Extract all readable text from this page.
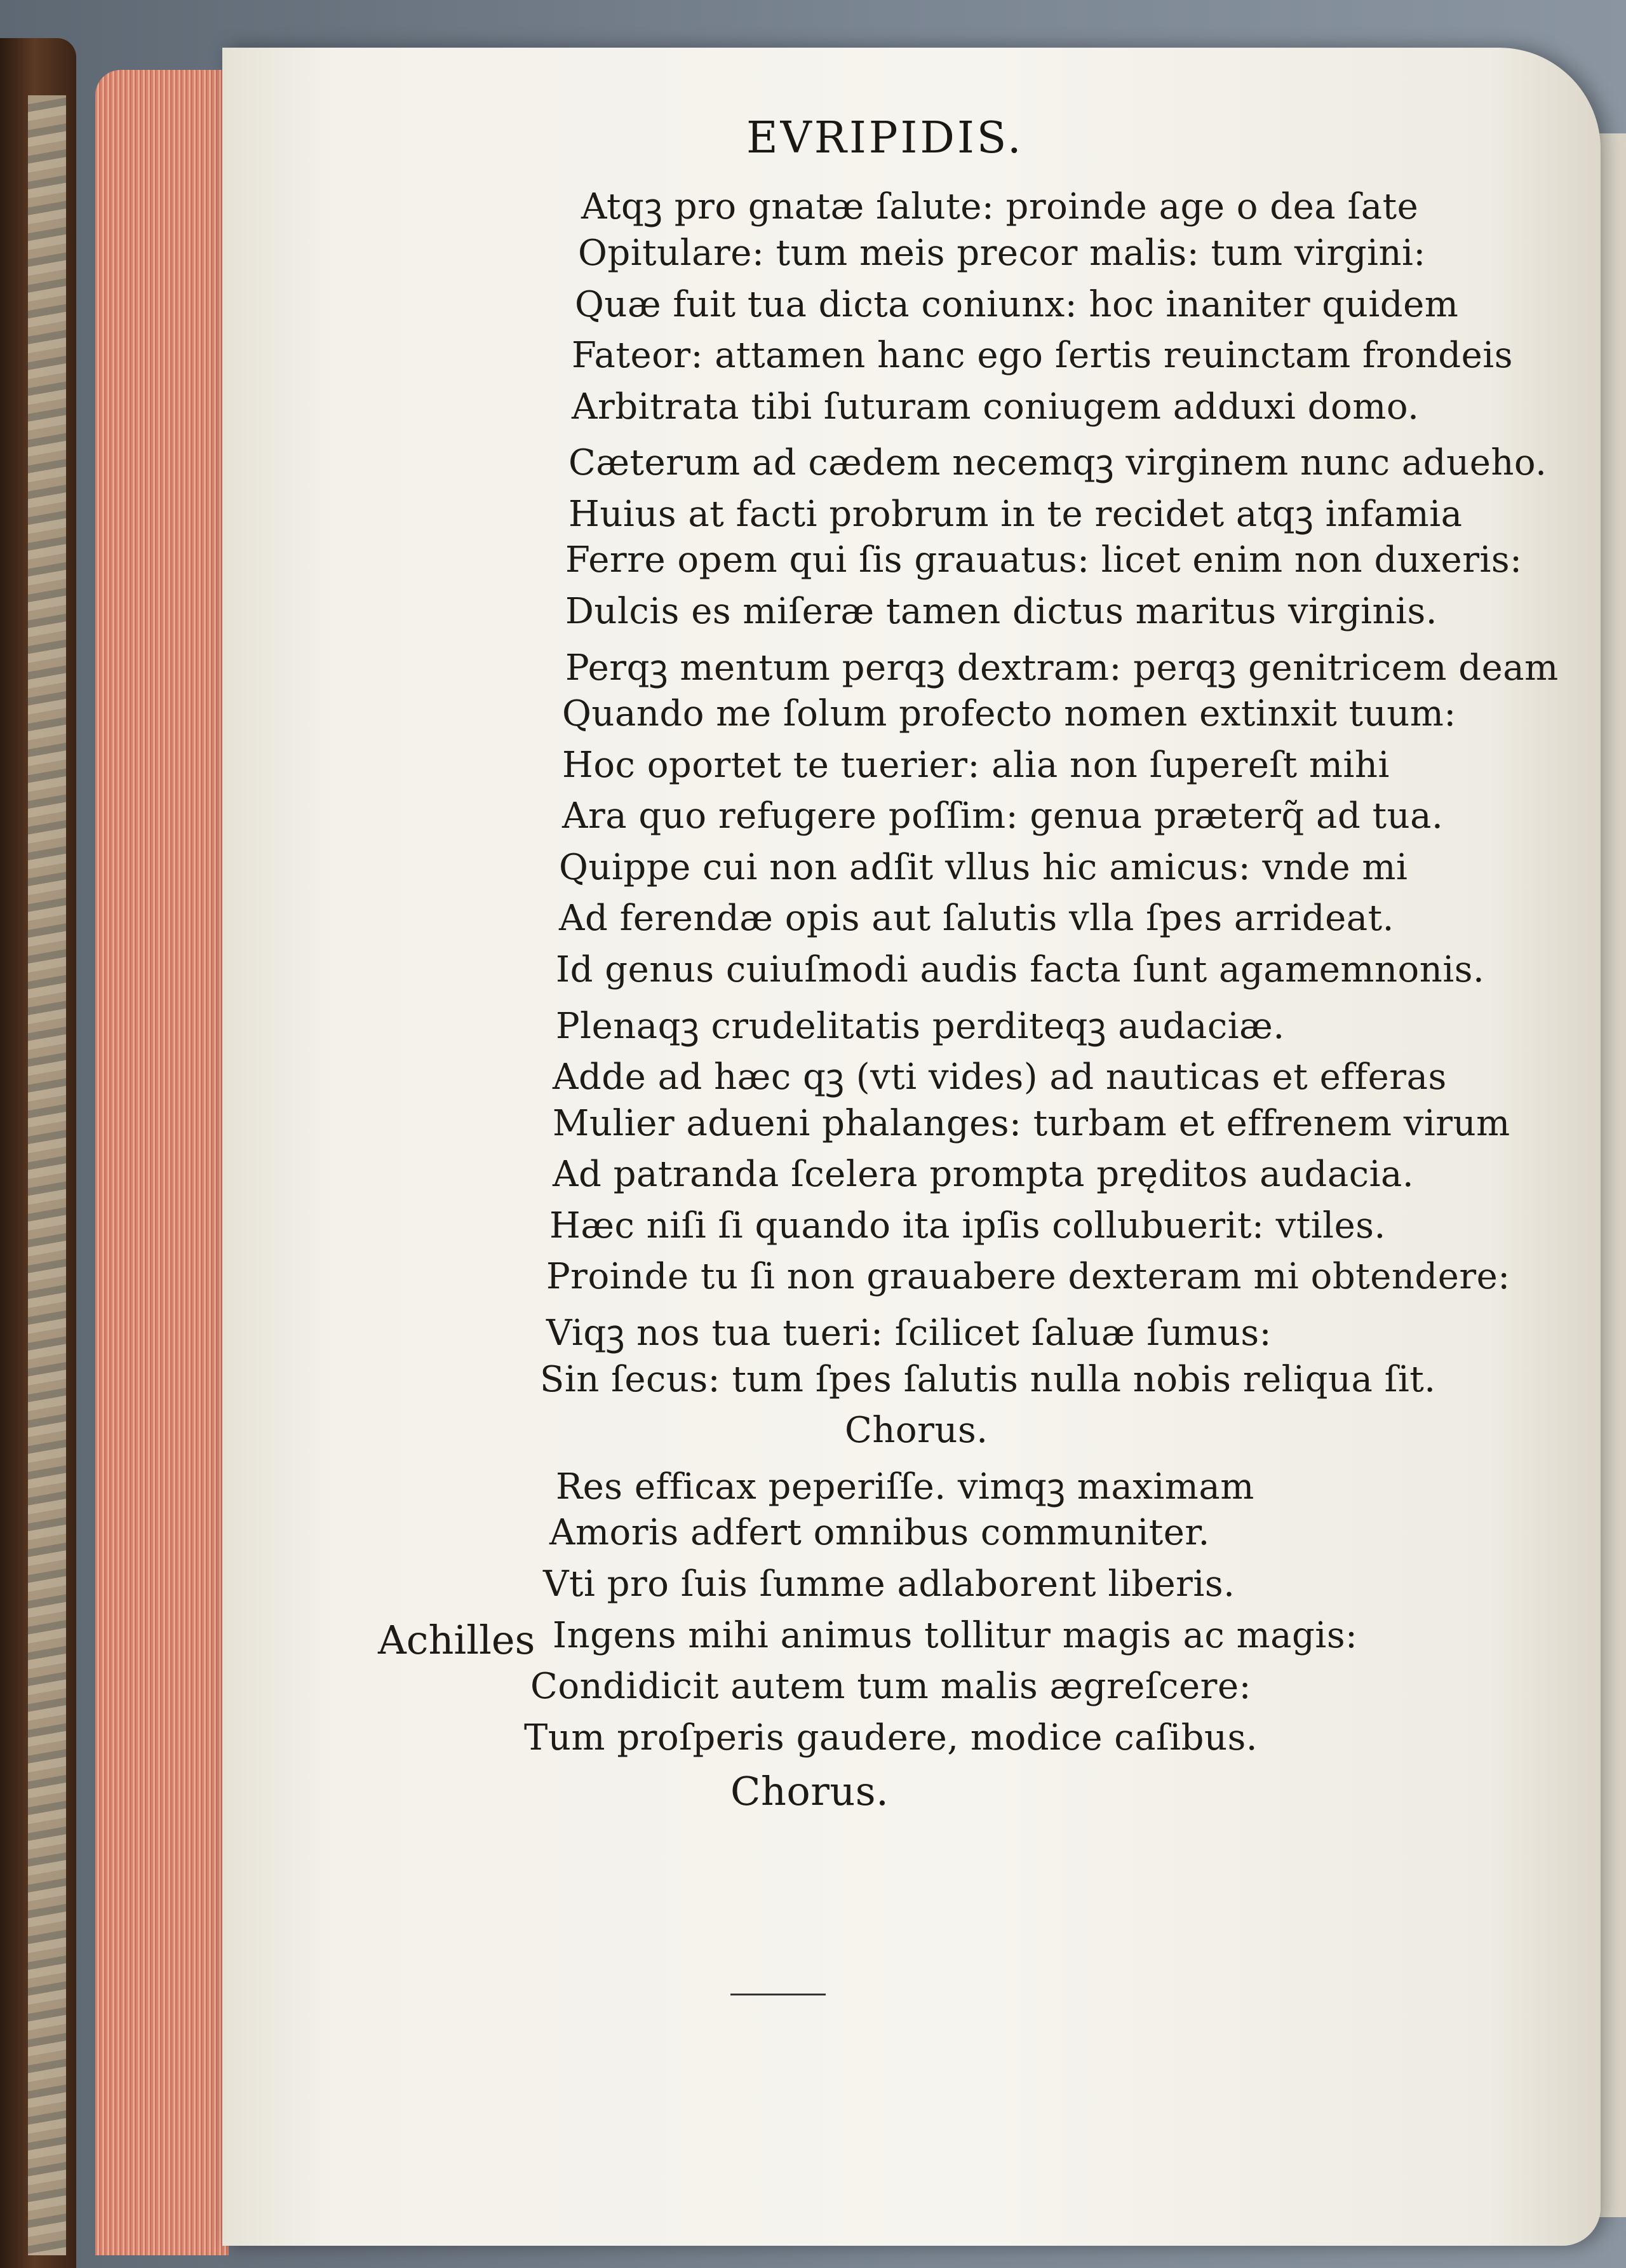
EVRIPIDIS.
Atqꝫ pro gnatæ ſalute: proinde age o dea ſate
Opitulare: tum meis precor malis: tum virgini:
Quæ fuit tua dicta coniunx: hoc inaniter quidem
Fateor: attamen hanc ego ſertis reuinctam frondeis
Arbitrata tibi ſuturam coniugem adduxi domo.
Cæterum ad cædem necemqꝫ virginem nunc adueho.
Huius at facti probrum in te recidet atqꝫ infamia
Ferre opem qui ſis grauatus: licet enim non duxeris:
Dulcis es miſeræ tamen dictus maritus virginis.
Perqꝫ mentum perqꝫ dextram: perqꝫ genitricem deam
Quando me ſolum profecto nomen extinxit tuum:
Hoc oportet te tuerier: alia non ſupereſt mihi
Ara quo refugere poſſim: genua præterq̃ ad tua.
Quippe cui non adſit vllus hic amicus: vnde mi
Ad ferendæ opis aut ſalutis vlla ſpes arrideat.
Id genus cuiuſmodi audis facta ſunt agamemnonis.
Plenaqꝫ crudelitatis perditeqꝫ audaciæ.
Adde ad hæc qꝫ (vti vides) ad nauticas et efferas
Mulier adueni phalanges: turbam et effrenem virum
Ad patranda ſcelera prompta pręditos audacia.
Hæc niſi ſi quando ita ipſis collubuerit: vtiles.
Proinde tu ſi non grauabere dexteram mi obtendere:
Viqꝫ nos tua tueri: ſcilicet ſaluæ ſumus:
Sin ſecus: tum ſpes ſalutis nulla nobis reliqua ſit.
Chorus.
Res efficax peperiſſe. vimqꝫ maximam
Amoris adfert omnibus communiter.
Vti pro ſuis ſumme adlaborent liberis.
Achilles Ingens mihi animus tollitur magis ac magis:
Condidicit autem tum malis ægreſcere:
Tum proſperis gaudere, modice caſibus.
Chorus.
